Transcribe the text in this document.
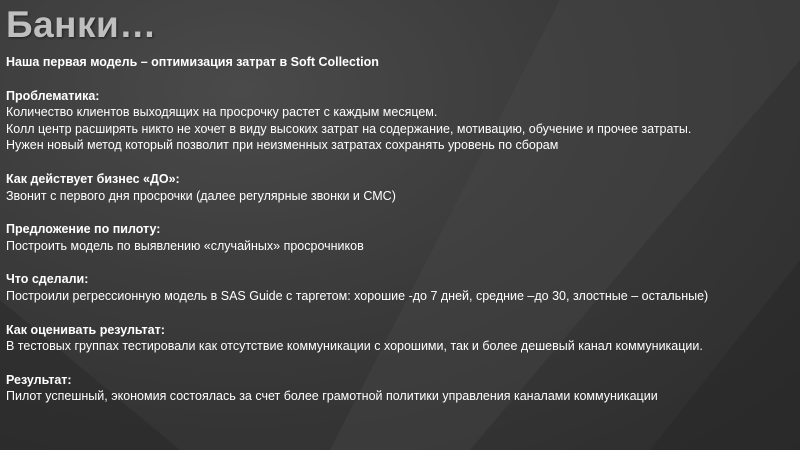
Банки…

Наша первая модель – оптимизация затрат в Soft Collection

Проблематика:

Количество клиентов выходящих на просрочку растет с каждым месяцем.

Колл центр расширять никто не хочет в виду высоких затрат на содержание, мотивацию, обучение и прочее затраты.

Нужен новый метод который позволит при неизменных затратах сохранять уровень по сборам

Как действует бизнес «ДО»:

Звонит с первого дня просрочки (далее регулярные звонки и СМС)

Предложение по пилоту:

Построить модель по выявлению «случайных» просрочников

Что сделали:

Построили регрессионную модель в SAS Guide с таргетом: хорошие -до 7 дней, средние –до 30, злостные – остальные)

Как оценивать результат:

В тестовых группах тестировали как отсутствие коммуникации с хорошими, так и более дешевый канал коммуникации.

Результат:

Пилот успешный, экономия состоялась за счет более грамотной политики управления каналами коммуникации
